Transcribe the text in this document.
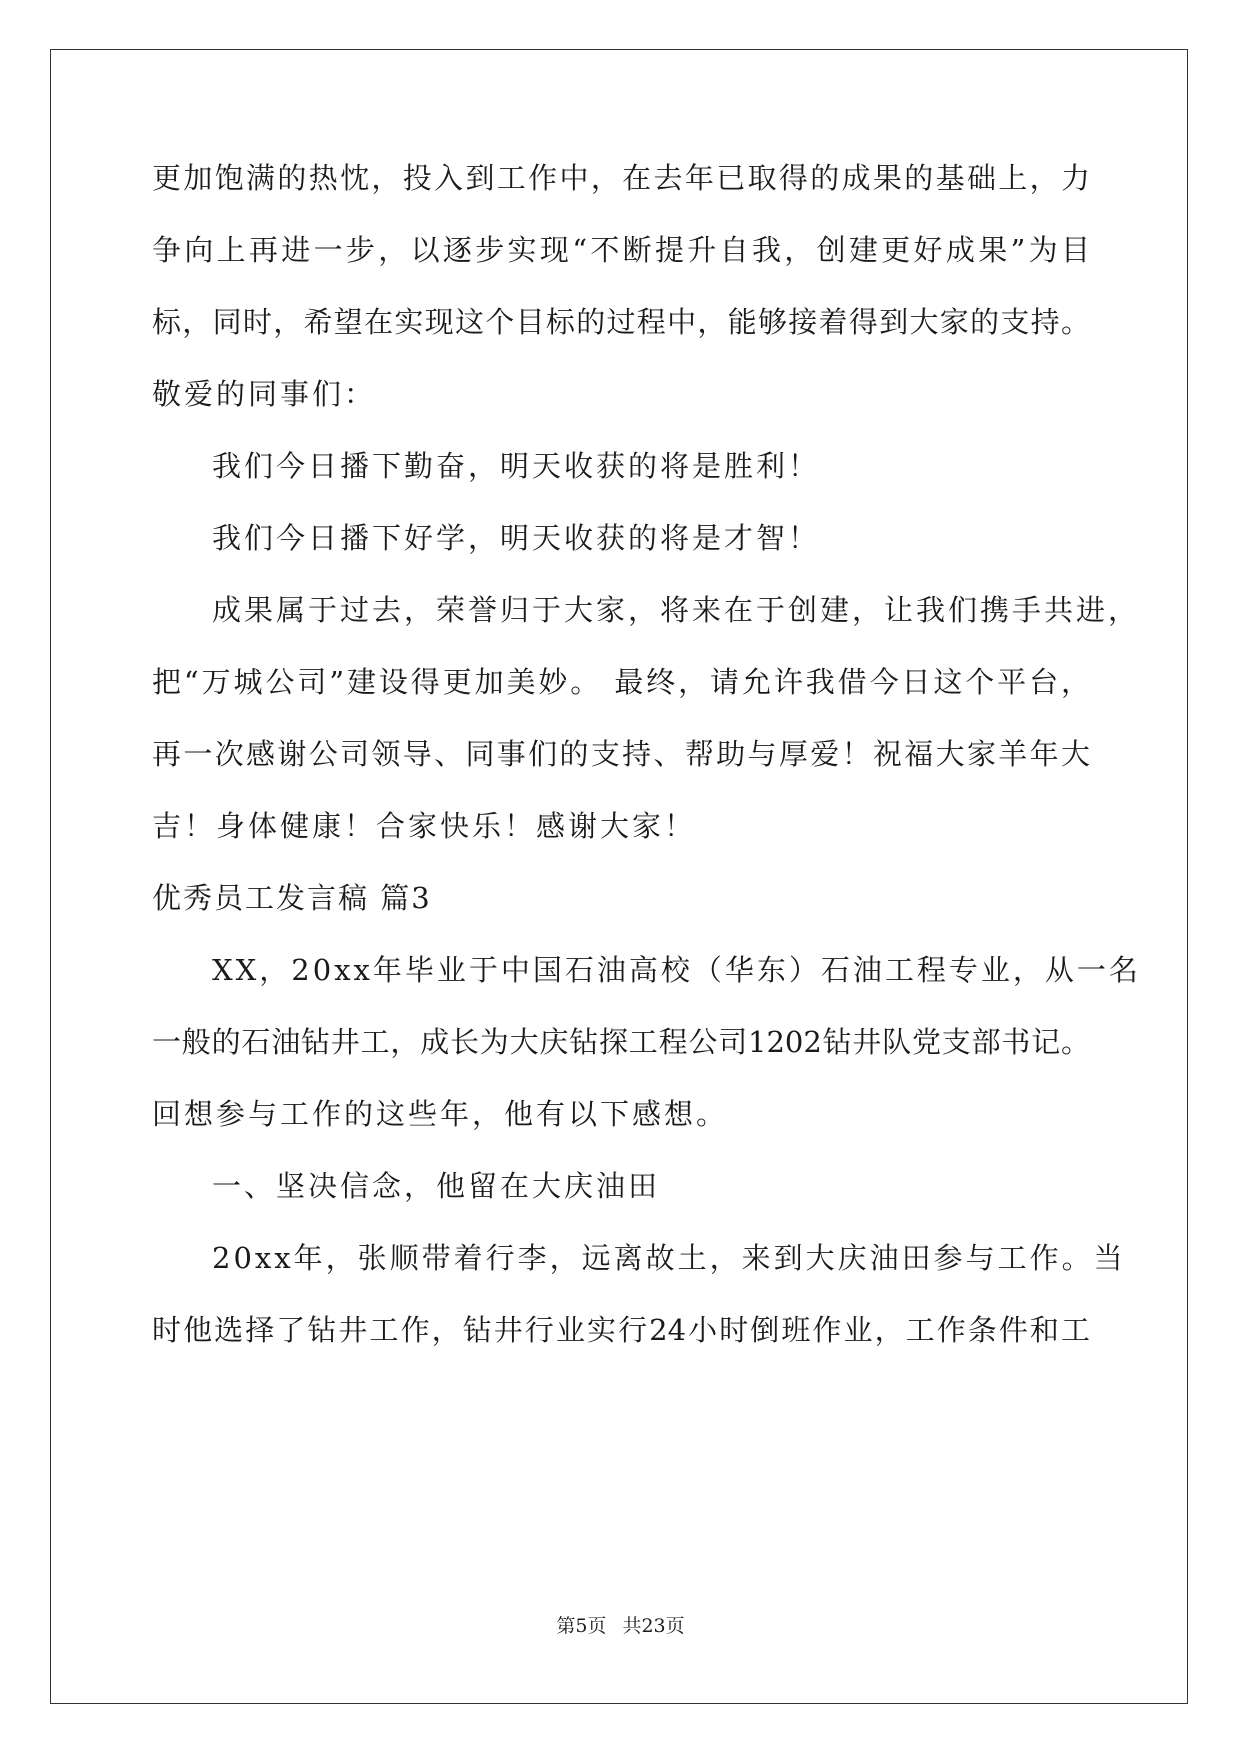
更加饱满的热忱，投入到工作中，在去年已取得的成果的基础上，力
争向上再进一步，以逐步实现“不断提升自我，创建更好成果”为目
标，同时，希望在实现这个目标的过程中，能够接着得到大家的支持。
敬爱的同事们：
我们今日播下勤奋，明天收获的将是胜利！
我们今日播下好学，明天收获的将是才智！
成果属于过去，荣誉归于大家，将来在于创建，让我们携手共进，
把“万城公司”建设得更加美妙。 最终，请允许我借今日这个平台，
再一次感谢公司领导、同事们的支持、帮助与厚爱！祝福大家羊年大
吉！身体健康！合家快乐！感谢大家！
优秀员工发言稿 篇3
XX，20xx年毕业于中国石油高校（华东）石油工程专业，从一名
一般的石油钻井工，成长为大庆钻探工程公司1202钻井队党支部书记。
回想参与工作的这些年，他有以下感想。
一、坚决信念，他留在大庆油田
20xx年，张顺带着行李，远离故土，来到大庆油田参与工作。当
时他选择了钻井工作，钻井行业实行24小时倒班作业，工作条件和工
第5页 共23页
